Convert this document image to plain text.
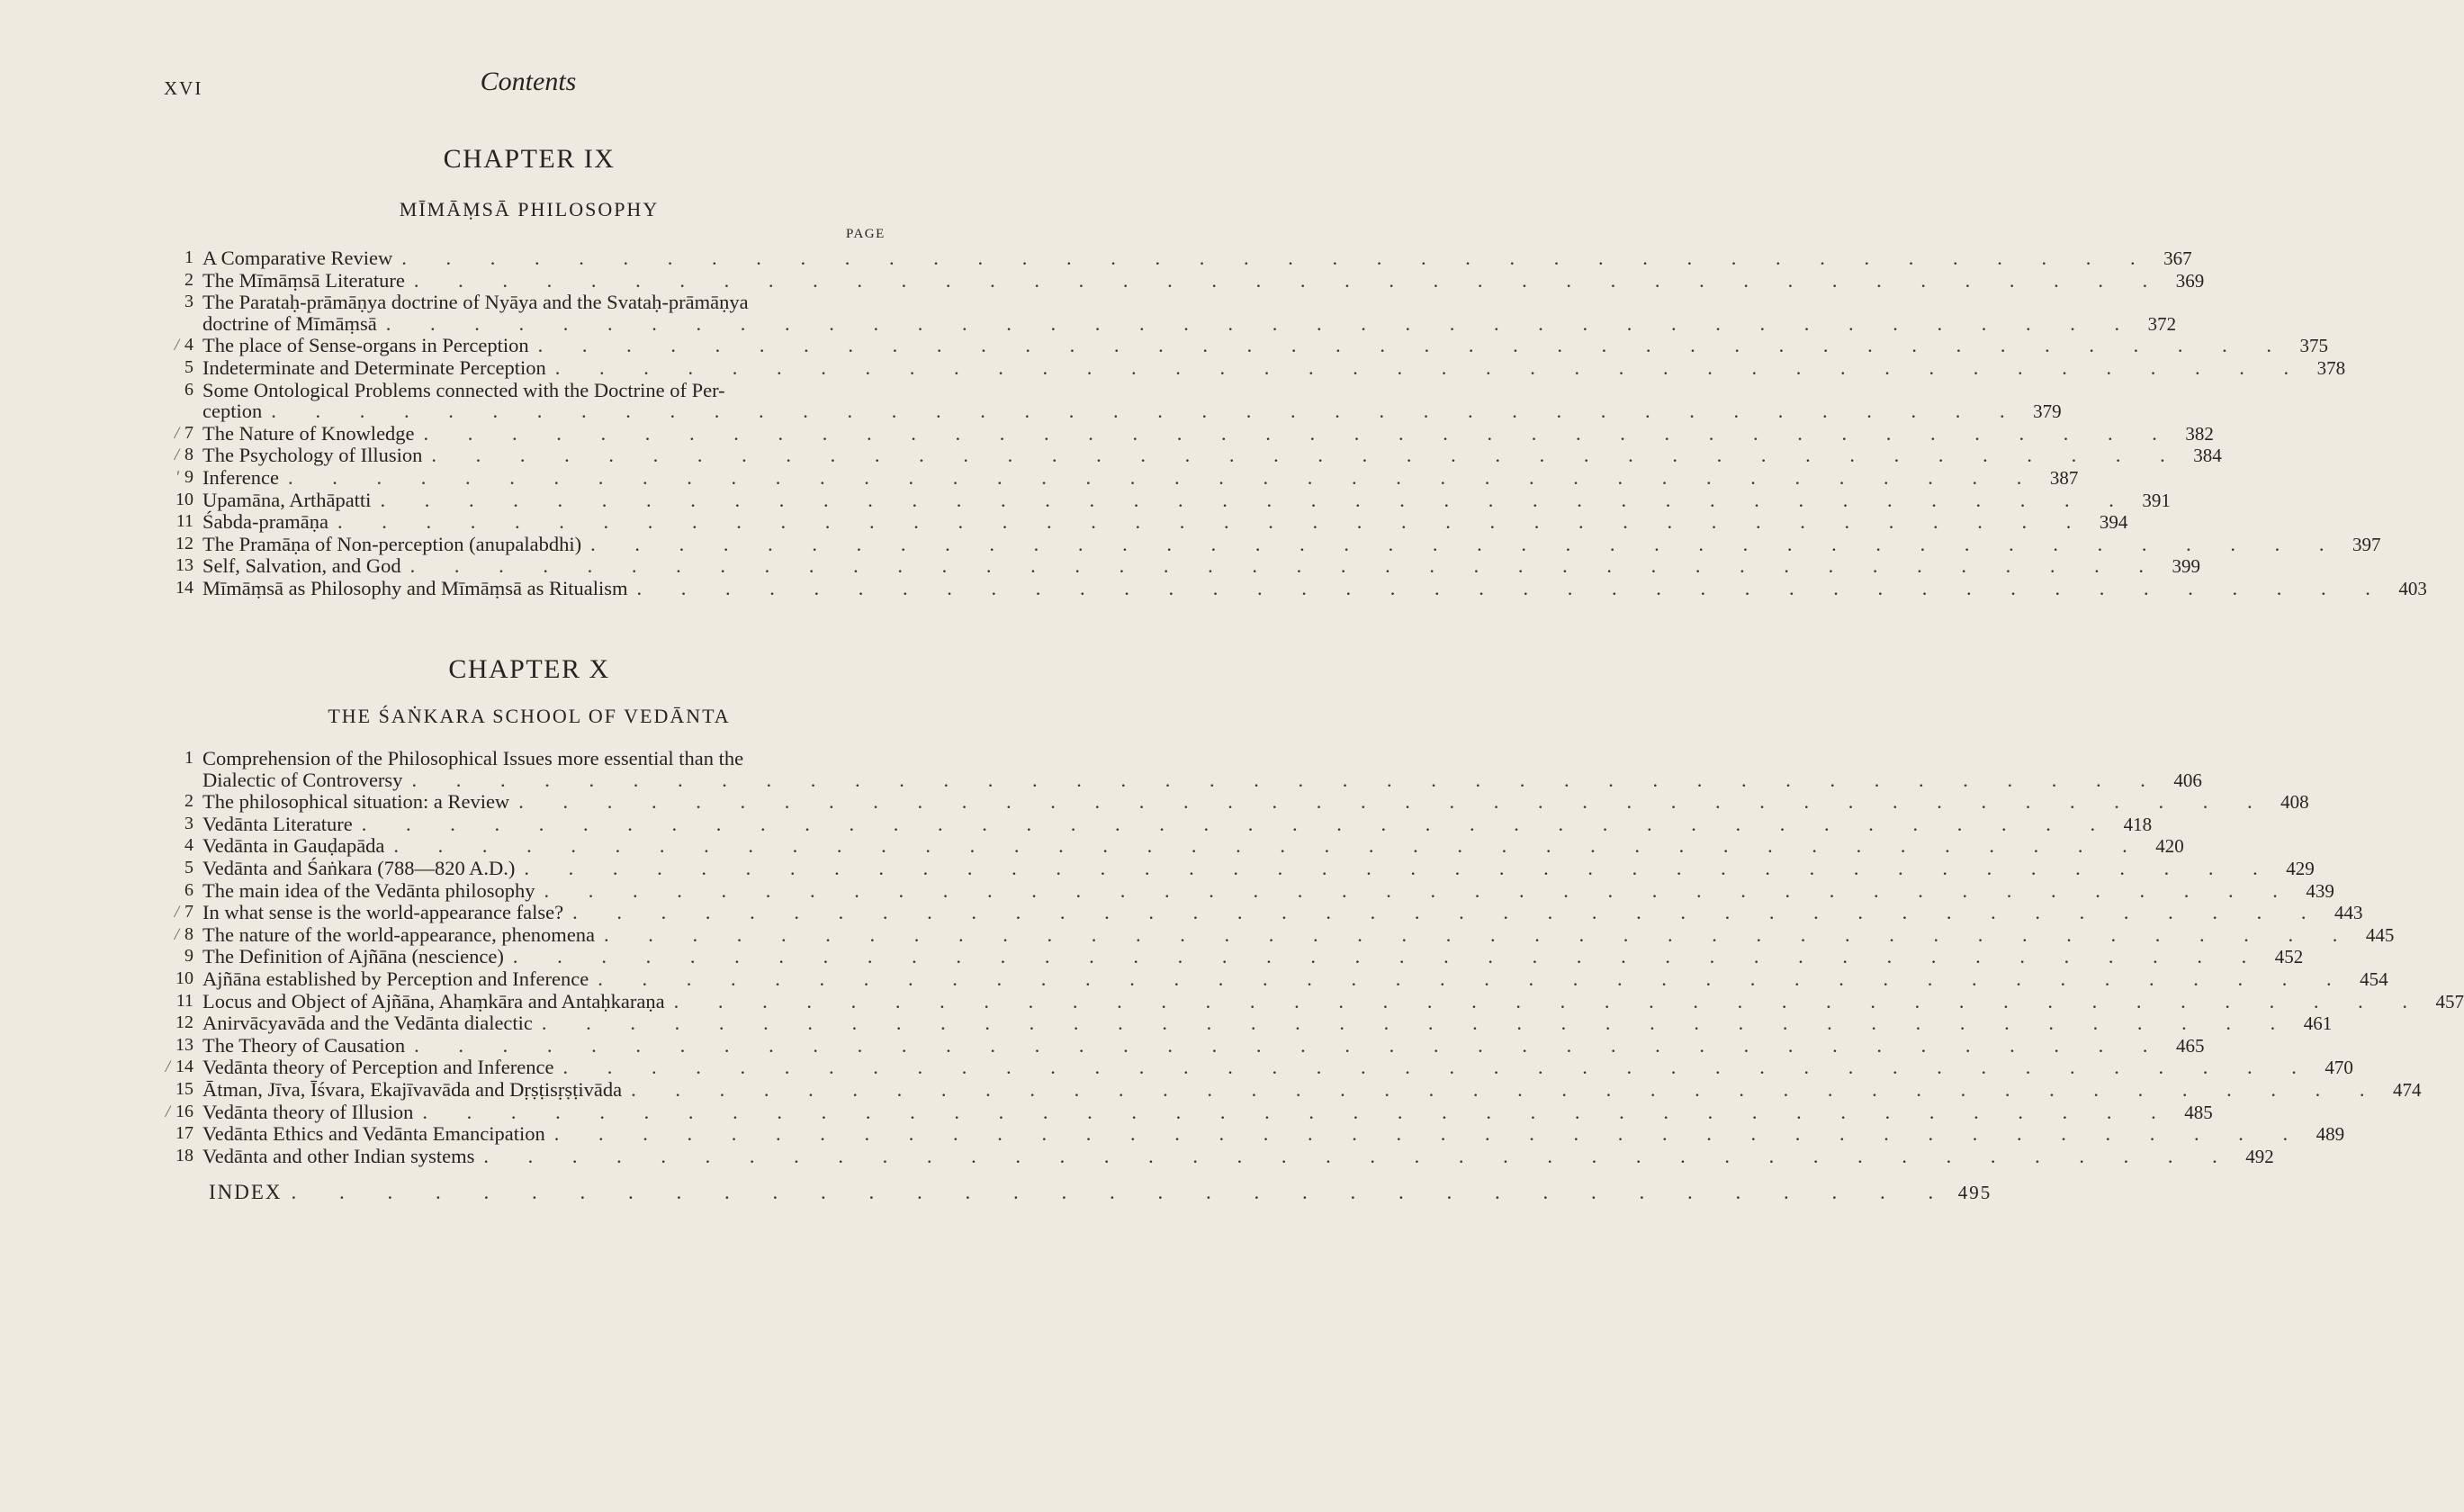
XVI	Contents
CHAPTER IX
MĪMĀṂSĀ PHILOSOPHY
PAGE
1 A Comparative Review . . . . . . . . . . . . . . . . . . . . . . . . . . . . . . . . . . . . . . . . 367
2 The Mīmāṃsā Literature . . . . . . . . . . . . . . . . . . . . . . . . . . . . . . . . . . . . . . . . 369
3 The Parataḥ-prāmāṇya doctrine of Nyāya and the Svataḥ-prāmāṇya
doctrine of Mīmāṃsā . . . . . . . . . . . . . . . . . . . . . . . . . . . . . . . . . . . . . . . . 372
/ 4 The place of Sense-organs in Perception . . . . . . . . . . . . . . . . . . . . . . . . . . . . . . . . . . . . . . . . 375
5 Indeterminate and Determinate Perception . . . . . . . . . . . . . . . . . . . . . . . . . . . . . . . . . . . . . . . . 378
6 Some Ontological Problems connected with the Doctrine of Per-
ception . . . . . . . . . . . . . . . . . . . . . . . . . . . . . . . . . . . . . . . . 379
/ 7 The Nature of Knowledge . . . . . . . . . . . . . . . . . . . . . . . . . . . . . . . . . . . . . . . . 382
/ 8 The Psychology of Illusion . . . . . . . . . . . . . . . . . . . . . . . . . . . . . . . . . . . . . . . . 384
' 9 Inference . . . . . . . . . . . . . . . . . . . . . . . . . . . . . . . . . . . . . . . . 387
10 Upamāna, Arthāpatti . . . . . . . . . . . . . . . . . . . . . . . . . . . . . . . . . . . . . . . . 391
11 Śabda-pramāṇa . . . . . . . . . . . . . . . . . . . . . . . . . . . . . . . . . . . . . . . . 394
12 The Pramāṇa of Non-perception (anupalabdhi) . . . . . . . . . . . . . . . . . . . . . . . . . . . . . . . . . . . . . . . . 397
13 Self, Salvation, and God . . . . . . . . . . . . . . . . . . . . . . . . . . . . . . . . . . . . . . . . 399
14 Mīmāṃsā as Philosophy and Mīmāṃsā as Ritualism . . . . . . . . . . . . . . . . . . . . . . . . . . . . . . . . . . . . . . . . 403
CHAPTER X
THE ŚAṄKARA SCHOOL OF VEDĀNTA
1 Comprehension of the Philosophical Issues more essential than the
Dialectic of Controversy . . . . . . . . . . . . . . . . . . . . . . . . . . . . . . . . . . . . . . . . 406
2 The philosophical situation: a Review . . . . . . . . . . . . . . . . . . . . . . . . . . . . . . . . . . . . . . . . 408
3 Vedānta Literature . . . . . . . . . . . . . . . . . . . . . . . . . . . . . . . . . . . . . . . . 418
4 Vedānta in Gauḍapāda . . . . . . . . . . . . . . . . . . . . . . . . . . . . . . . . . . . . . . . . 420
5 Vedānta and Śaṅkara (788—820 A.D.) . . . . . . . . . . . . . . . . . . . . . . . . . . . . . . . . . . . . . . . . 429
6 The main idea of the Vedānta philosophy . . . . . . . . . . . . . . . . . . . . . . . . . . . . . . . . . . . . . . . . 439
/ 7 In what sense is the world-appearance false? . . . . . . . . . . . . . . . . . . . . . . . . . . . . . . . . . . . . . . . . 443
/ 8 The nature of the world-appearance, phenomena . . . . . . . . . . . . . . . . . . . . . . . . . . . . . . . . . . . . . . . . 445
9 The Definition of Ajñāna (nescience) . . . . . . . . . . . . . . . . . . . . . . . . . . . . . . . . . . . . . . . . 452
10 Ajñāna established by Perception and Inference . . . . . . . . . . . . . . . . . . . . . . . . . . . . . . . . . . . . . . . . 454
11 Locus and Object of Ajñāna, Ahaṃkāra and Antaḥkaraṇa . . . . . . . . . . . . . . . . . . . . . . . . . . . . . . . . . . . . . . . . 457
12 Anirvācyavāda and the Vedānta dialectic . . . . . . . . . . . . . . . . . . . . . . . . . . . . . . . . . . . . . . . . 461
13 The Theory of Causation . . . . . . . . . . . . . . . . . . . . . . . . . . . . . . . . . . . . . . . . 465
/ 14 Vedānta theory of Perception and Inference . . . . . . . . . . . . . . . . . . . . . . . . . . . . . . . . . . . . . . . . 470
15 Ātman, Jīva, Īśvara, Ekajīvavāda and Dṛṣṭisṛṣṭivāda . . . . . . . . . . . . . . . . . . . . . . . . . . . . . . . . . . . . . . . . 474
/ 16 Vedānta theory of Illusion . . . . . . . . . . . . . . . . . . . . . . . . . . . . . . . . . . . . . . . . 485
17 Vedānta Ethics and Vedānta Emancipation . . . . . . . . . . . . . . . . . . . . . . . . . . . . . . . . . . . . . . . . 489
18 Vedānta and other Indian systems . . . . . . . . . . . . . . . . . . . . . . . . . . . . . . . . . . . . . . . . 492
INDEX . . . . . . . . . . . . . . . . . . . . . . . . . . . . . . . . . . . 495
